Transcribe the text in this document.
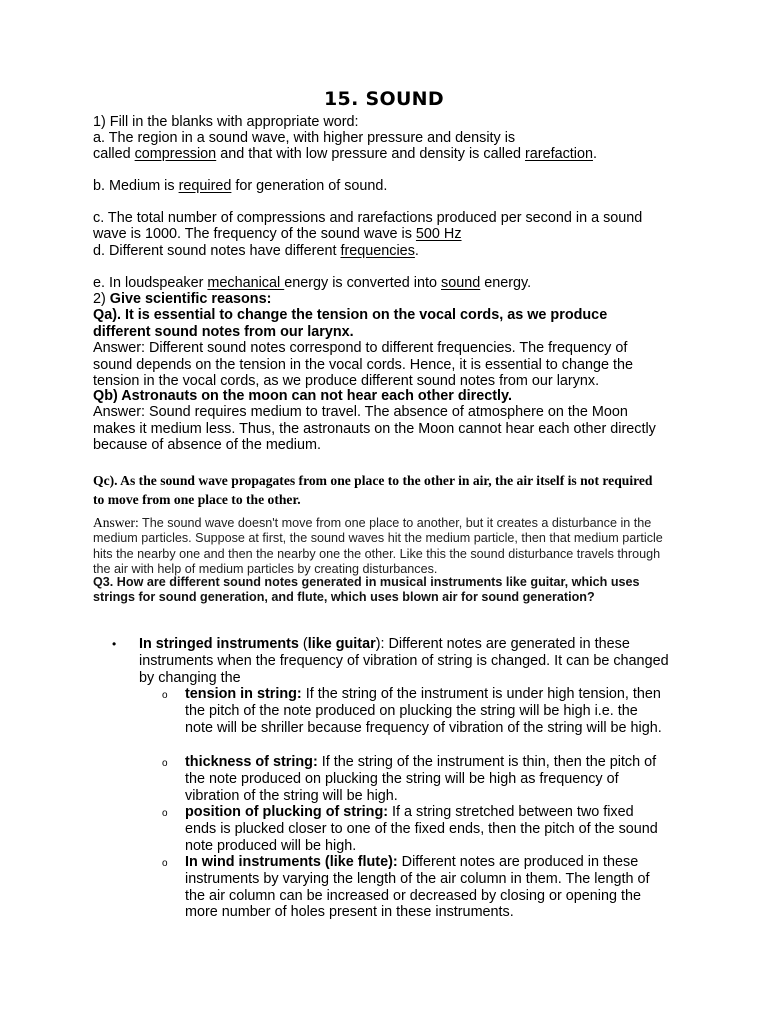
15. SOUND

1) Fill in the blanks with appropriate word:

a. The region in a sound wave, with higher pressure and density is

called compression and that with low pressure and density is called rarefaction.

b. Medium is required for generation of sound.

c. The total number of compressions and rarefactions produced per second in a sound

wave is 1000. The frequency of the sound wave is 500 Hz

d. Different sound notes have different frequencies.

e. In loudspeaker mechanical energy is converted into sound energy.

2) Give scientific reasons:

Qa). It is essential to change the tension on the vocal cords, as we produce different sound notes from our larynx.

Answer: Different sound notes correspond to different frequencies. The frequency of sound depends on the tension in the vocal cords. Hence, it is essential to change the tension in the vocal cords, as we produce different sound notes from our larynx.

Qb) Astronauts on the moon can not hear each other directly.

Answer: Sound requires medium to travel. The absence of atmosphere on the Moon makes it medium less. Thus, the astronauts on the Moon cannot hear each other directly because of absence of the medium.

Qc). As the sound wave propagates from one place to the other in air, the air itself is not required to move from one place to the other.

Answer: The sound wave doesn't move from one place to another, but it creates a disturbance in the medium particles. Suppose at first, the sound waves hit the medium particle, then that medium particle hits the nearby one and then the nearby one the other. Like this the sound disturbance travels through the air with help of medium particles by creating disturbances.

Q3. How are different sound notes generated in musical instruments like guitar, which uses strings for sound generation, and flute, which uses blown air for sound generation?

• In stringed instruments (like guitar): Different notes are generated in these instruments when the frequency of vibration of string is changed. It can be changed by changing the
o tension in string: If the string of the instrument is under high tension, then the pitch of the note produced on plucking the string will be high i.e. the note will be shriller because frequency of vibration of the string will be high.
o thickness of string: If the string of the instrument is thin, then the pitch of the note produced on plucking the string will be high as frequency of vibration of the string will be high.
o position of plucking of string: If a string stretched between two fixed ends is plucked closer to one of the fixed ends, then the pitch of the sound note produced will be high.
o In wind instruments (like flute): Different notes are produced in these instruments by varying the length of the air column in them. The length of the air column can be increased or decreased by closing or opening the more number of holes present in these instruments.
